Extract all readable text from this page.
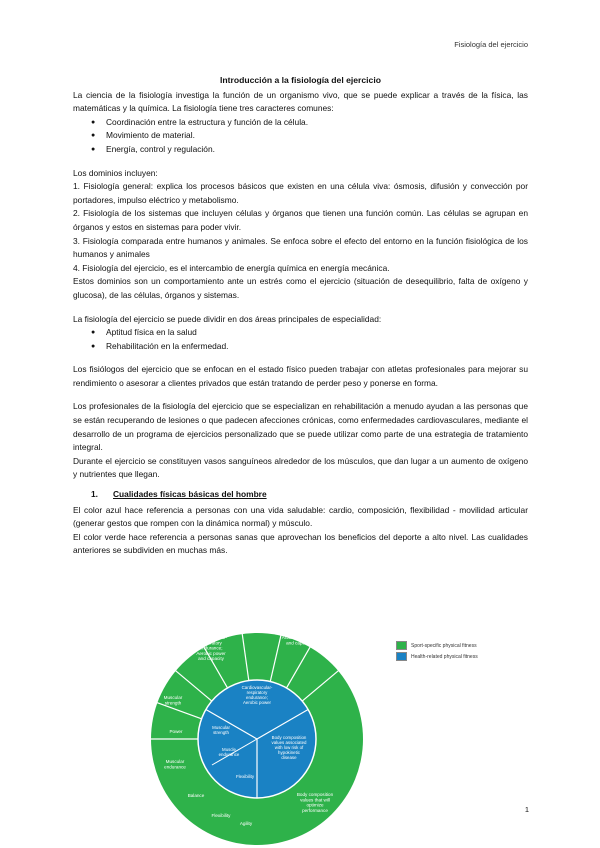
Fisiología del ejercicio

Introducción a la fisiología del ejercicio

La ciencia de la fisiología investiga la función de un organismo vivo, que se puede explicar a través de la física, las matemáticas y la química. La fisiología tiene tres caracteres comunes:

● Coordinación entre la estructura y función de la célula.
● Movimiento de material.
● Energía, control y regulación.

Los dominios incluyen:

1. Fisiología general: explica los procesos básicos que existen en una célula viva: ósmosis, difusión y convección por portadores, impulso eléctrico y metabolismo.

2. Fisiología de los sistemas que incluyen células y órganos que tienen una función común. Las células se agrupan en órganos y estos en sistemas para poder vivir.

3. Fisiología comparada entre humanos y animales. Se enfoca sobre el efecto del entorno en la función fisiológica de los humanos y animales

4. Fisiología del ejercicio, es el intercambio de energía química en energía mecánica.

Estos dominios son un comportamiento ante un estrés como el ejercicio (situación de desequilibrio, falta de oxígeno y glucosa), de las células, órganos y sistemas.

La fisiología del ejercicio se puede dividir en dos áreas principales de especialidad:

● Aptitud física en la salud
● Rehabilitación en la enfermedad.

Los fisiólogos del ejercicio que se enfocan en el estado físico pueden trabajar con atletas profesionales para mejorar su rendimiento o asesorar a clientes privados que están tratando de perder peso y ponerse en forma.

Los profesionales de la fisiología del ejercicio que se especializan en rehabilitación a menudo ayudan a las personas que se están recuperando de lesiones o que padecen afecciones crónicas, como enfermedades cardiovasculares, mediante el desarrollo de un programa de ejercicios personalizado que se puede utilizar como parte de una estrategia de tratamiento integral.

Durante el ejercicio se constituyen vasos sanguíneos alrededor de los músculos, que dan lugar a un aumento de oxígeno y nutrientes que llegan.

1. Cualidades físicas básicas del hombre

El color azul hace referencia a personas con una vida saludable: cardio, composición, flexibilidad - movilidad articular (generar gestos que rompen con la dinámica normal) y músculo.

El color verde hace referencia a personas sanas que aprovechan los beneficios del deporte a alto nivel. Las cualidades anteriores se subdividen en muchas más.

Cardiovascular-respiratory endurance; Aerobic power and capacity
Anaerobic power and capacity
Muscular strength
Power
Muscular endurance
Balance
Flexibility
Agility
Body composition values that will optimize performance
Cardiovascular-respiratory endurance; Aerobic power
Muscular strength
Muscle endurance
Flexibility
Body composition values associated with low risk of hypokinetic disease
Sport-specific physical fitness
Health-related physical fitness
1
